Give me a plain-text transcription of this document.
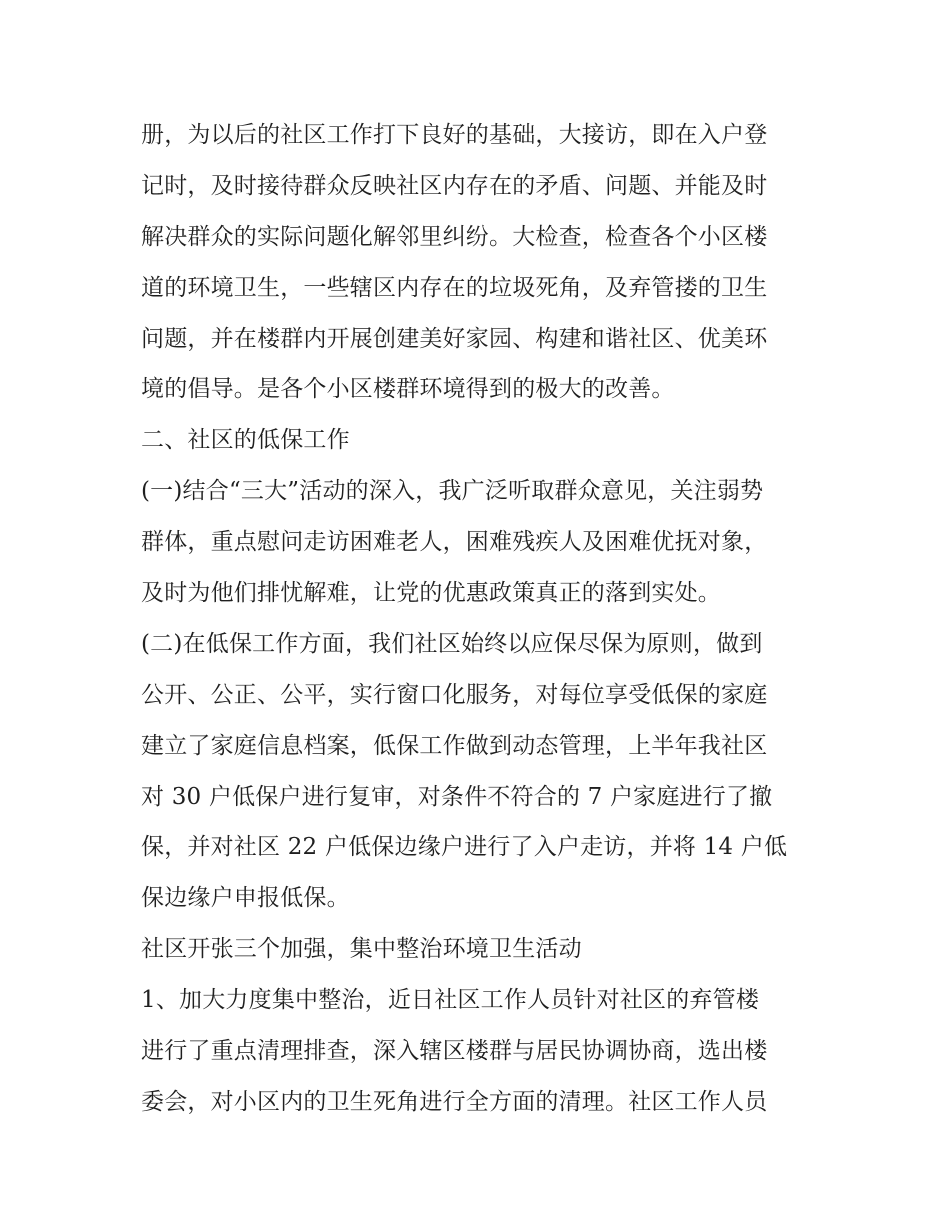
册，为以后的社区工作打下良好的基础，大接访，即在入户登
记时，及时接待群众反映社区内存在的矛盾、问题、并能及时
解决群众的实际问题化解邻里纠纷。大检查，检查各个小区楼
道的环境卫生，一些辖区内存在的垃圾死角，及弃管搂的卫生
问题，并在楼群内开展创建美好家园、构建和谐社区、优美环
境的倡导。是各个小区楼群环境得到的极大的改善。
二、社区的低保工作
(一)结合“三大”活动的深入，我广泛听取群众意见，关注弱势
群体，重点慰问走访困难老人，困难残疾人及困难优抚对象，
及时为他们排忧解难，让党的优惠政策真正的落到实处。
(二)在低保工作方面，我们社区始终以应保尽保为原则，做到
公开、公正、公平，实行窗口化服务，对每位享受低保的家庭
建立了家庭信息档案，低保工作做到动态管理，上半年我社区
对 30 户低保户进行复审，对条件不符合的 7 户家庭进行了撤
保，并对社区 22 户低保边缘户进行了入户走访，并将 14 户低
保边缘户申报低保。
社区开张三个加强，集中整治环境卫生活动
1、加大力度集中整治，近日社区工作人员针对社区的弃管楼
进行了重点清理排查，深入辖区楼群与居民协调协商，选出楼
委会，对小区内的卫生死角进行全方面的清理。社区工作人员
